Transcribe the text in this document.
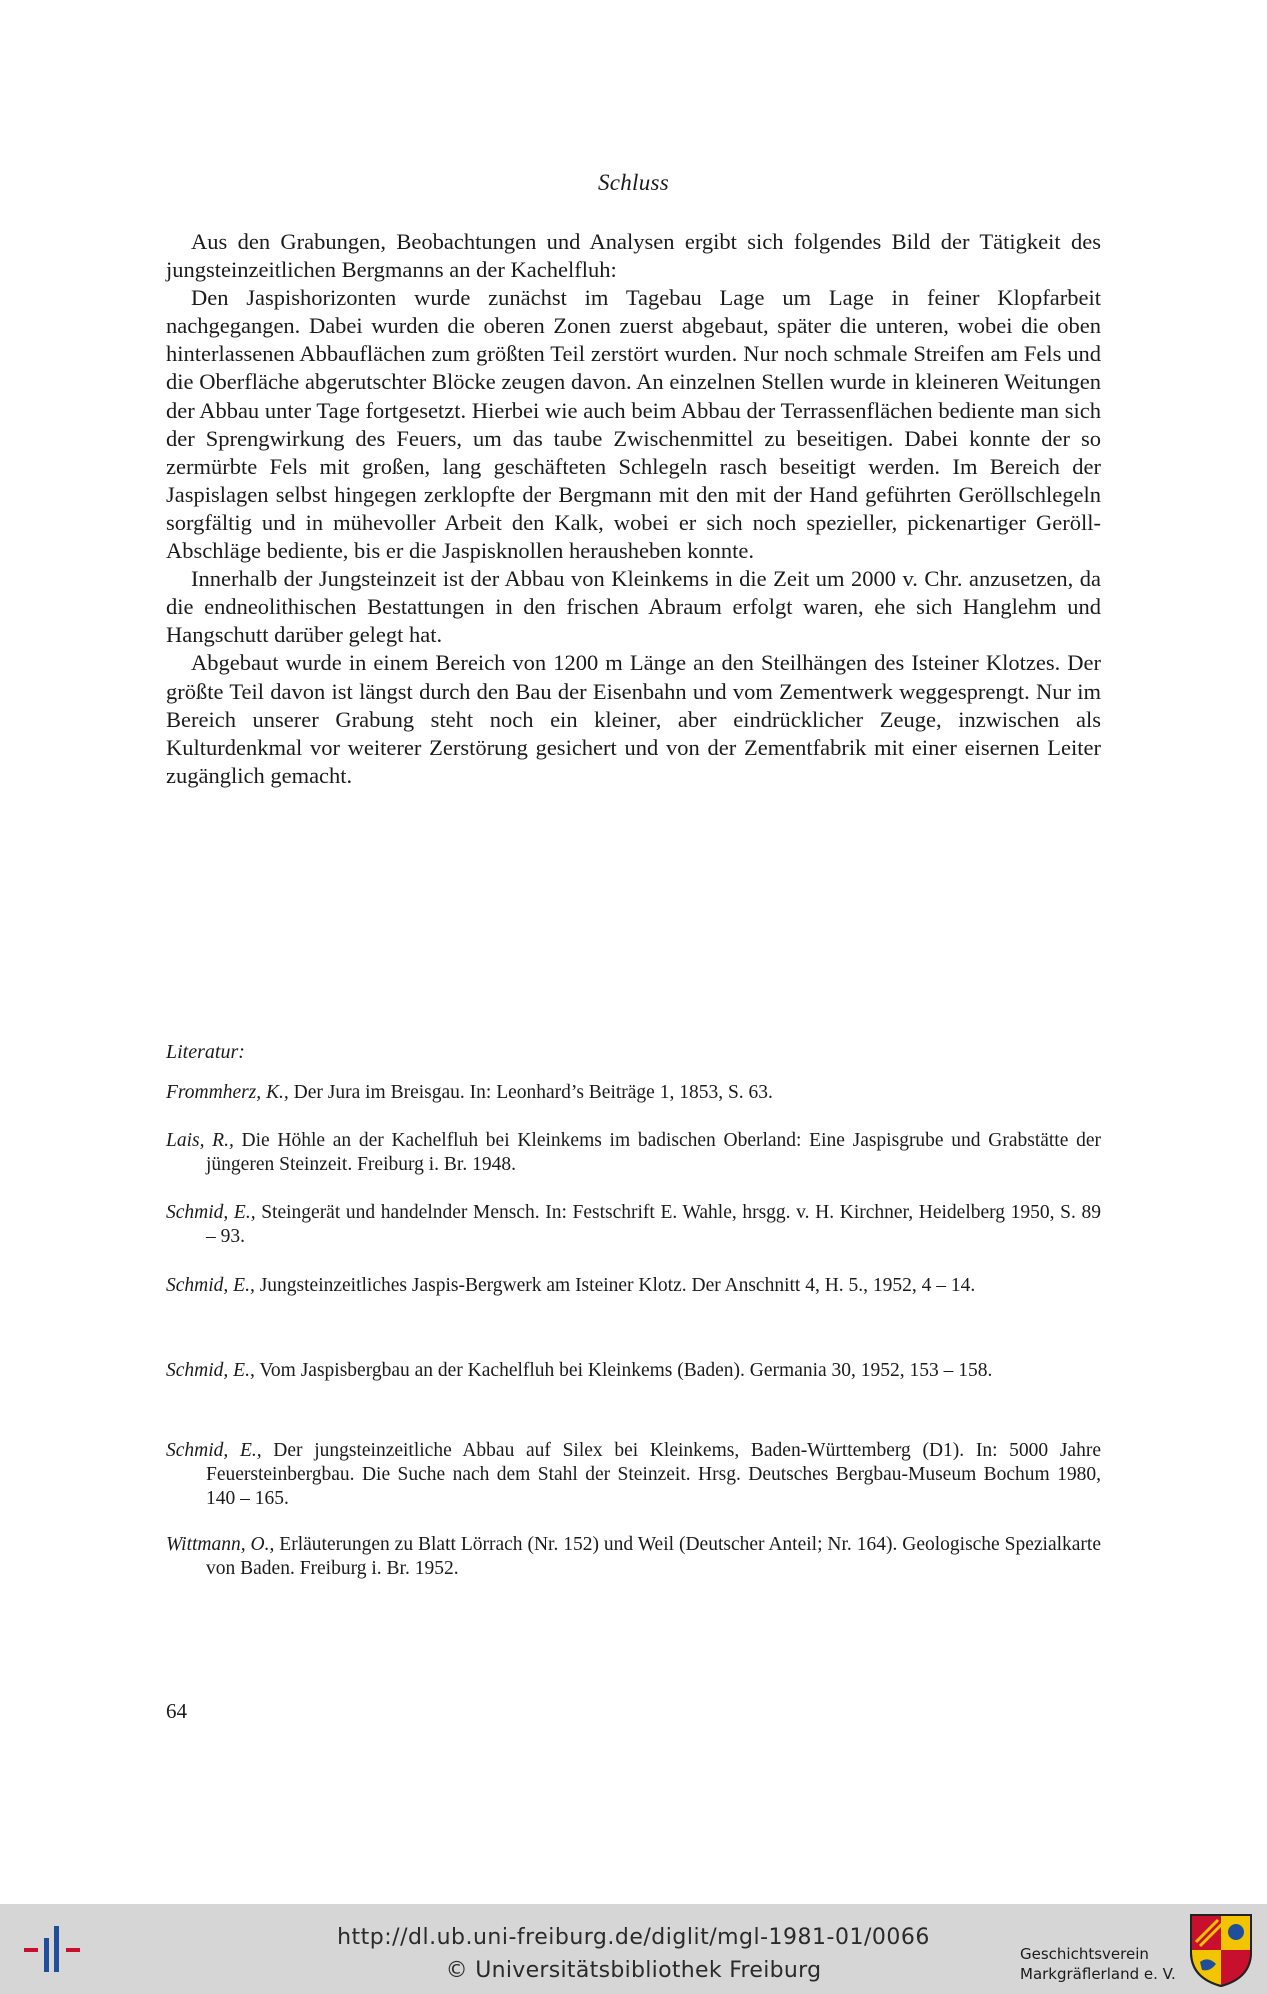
Schluss

Aus den Grabungen, Beobachtungen und Analysen ergibt sich folgendes Bild der Tätigkeit des jungsteinzeitlichen Bergmanns an der Kachelfluh:

Den Jaspishorizonten wurde zunächst im Tagebau Lage um Lage in feiner Klopfarbeit nachgegangen. Dabei wurden die oberen Zonen zuerst abgebaut, später die unteren, wobei die oben hinterlassenen Abbauflächen zum größten Teil zerstört wurden. Nur noch schmale Streifen am Fels und die Oberfläche abgerutschter Blöcke zeugen davon. An einzelnen Stellen wurde in kleineren Weitungen der Abbau unter Tage fortgesetzt. Hierbei wie auch beim Abbau der Terrassenflächen bediente man sich der Sprengwirkung des Feuers, um das taube Zwischenmittel zu beseitigen. Dabei konnte der so zermürbte Fels mit großen, lang geschäfteten Schlegeln rasch beseitigt werden. Im Bereich der Jaspislagen selbst hingegen zerklopfte der Bergmann mit den mit der Hand geführten Geröllschlegeln sorgfältig und in mühevoller Arbeit den Kalk, wobei er sich noch spezieller, pickenartiger Geröll-Abschläge bediente, bis er die Jaspisknollen herausheben konnte.

Innerhalb der Jungsteinzeit ist der Abbau von Kleinkems in die Zeit um 2000 v. Chr. anzusetzen, da die endneolithischen Bestattungen in den frischen Abraum erfolgt waren, ehe sich Hanglehm und Hangschutt darüber gelegt hat.

Abgebaut wurde in einem Bereich von 1200 m Länge an den Steilhängen des Isteiner Klotzes. Der größte Teil davon ist längst durch den Bau der Eisenbahn und vom Zementwerk weggesprengt. Nur im Bereich unserer Grabung steht noch ein kleiner, aber eindrücklicher Zeuge, inzwischen als Kulturdenkmal vor weiterer Zerstörung gesichert und von der Zementfabrik mit einer eisernen Leiter zugänglich gemacht.

Literatur:
Frommherz, K., Der Jura im Breisgau. In: Leonhard’s Beiträge 1, 1853, S. 63.
Lais, R., Die Höhle an der Kachelfluh bei Kleinkems im badischen Oberland: Eine Jaspisgrube und Grabstätte der jüngeren Steinzeit. Freiburg i. Br. 1948.
Schmid, E., Steingerät und handelnder Mensch. In: Festschrift E. Wahle, hrsgg. v. H. Kirchner, Heidelberg 1950, S. 89 – 93.
Schmid, E., Jungsteinzeitliches Jaspis-Bergwerk am Isteiner Klotz. Der Anschnitt 4, H. 5., 1952, 4 – 14.
Schmid, E., Vom Jaspisbergbau an der Kachelfluh bei Kleinkems (Baden). Germania 30, 1952, 153 – 158.
Schmid, E., Der jungsteinzeitliche Abbau auf Silex bei Kleinkems, Baden-Württemberg (D1). In: 5000 Jahre Feuersteinbergbau. Die Suche nach dem Stahl der Steinzeit. Hrsg. Deutsches Bergbau-Museum Bochum 1980, 140 – 165.
Wittmann, O., Erläuterungen zu Blatt Lörrach (Nr. 152) und Weil (Deutscher Anteil; Nr. 164). Geologische Spezialkarte von Baden. Freiburg i. Br. 1952.
64
http://dl.ub.uni-freiburg.de/diglit/mgl-1981-01/0066
© Universitätsbibliothek Freiburg
Geschichtsverein
Markgräflerland e. V.
